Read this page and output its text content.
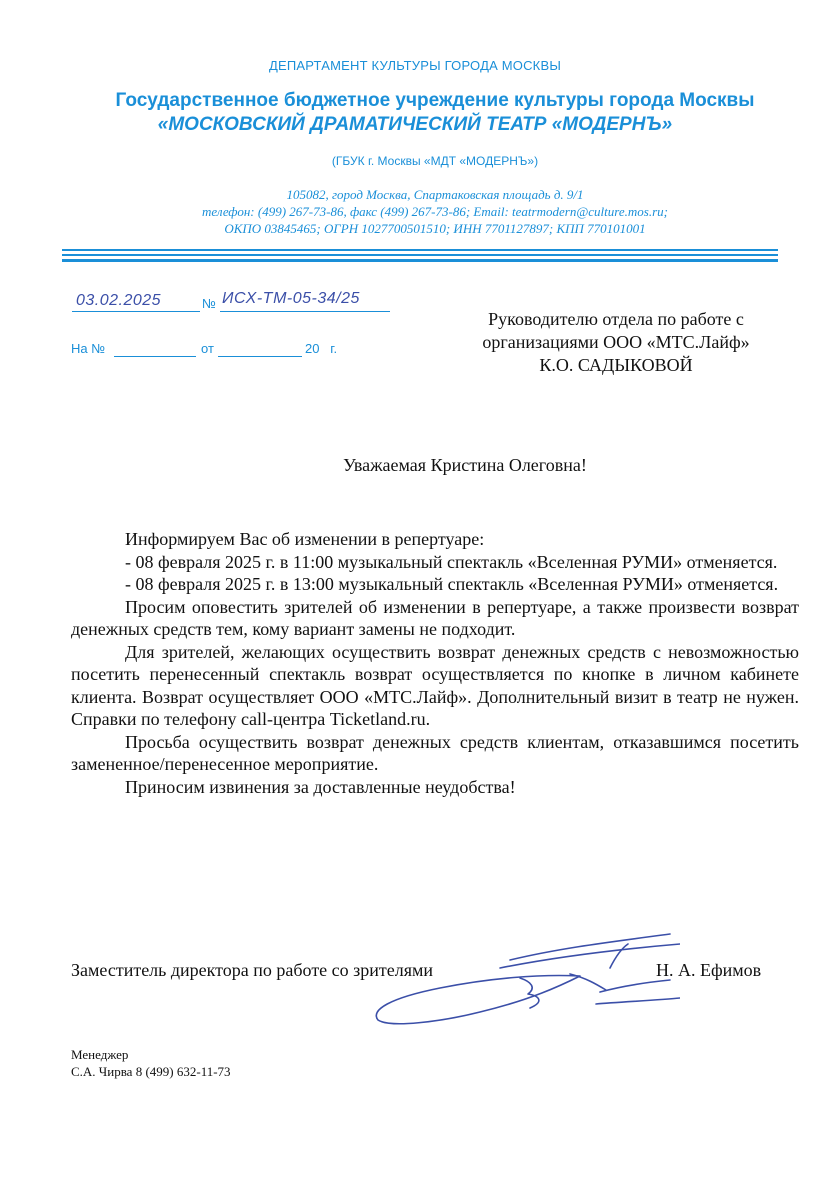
ДЕПАРТАМЕНТ КУЛЬТУРЫ ГОРОДА МОСКВЫ
Государственное бюджетное учреждение культуры города Москвы
«МОСКОВСКИЙ ДРАМАТИЧЕСКИЙ ТЕАТР «МОДЕРНЪ»
(ГБУК г. Москвы «МДТ «МОДЕРНЪ»)
105082, город Москва, Спартаковская площадь д. 9/1
телефон: (499) 267-73-86, факс (499) 267-73-86; Email: teatrmodern@culture.mos.ru;
ОКПО 03845465; ОГРН 1027700501510; ИНН 7701127897; КПП 770101001
03.02.2025	№ ИСХ-ТМ-05-34/25
На №	от	20   г.
Руководителю отдела по работе с
организациями ООО «МТС.Лайф»
К.О. САДЫКОВОЙ
Уважаемая Кристина Олеговна!

Информируем Вас об изменении в репертуаре:

- 08 февраля 2025 г. в 11:00 музыкальный спектакль «Вселенная РУМИ» отменяется.

- 08 февраля 2025 г. в 13:00 музыкальный спектакль «Вселенная РУМИ» отменяется.

Просим оповестить зрителей об изменении в репертуаре, а также произвести возврат денежных средств тем, кому вариант замены не подходит.

Для зрителей, желающих осуществить возврат денежных средств с невозможностью посетить перенесенный спектакль возврат осуществляется по кнопке в личном кабинете клиента. Возврат осуществляет ООО «МТС.Лайф». Дополнительный визит в театр не нужен. Справки по телефону call-центра Ticketland.ru.

Просьба осуществить возврат денежных средств клиентам, отказавшимся посетить замененное/перенесенное мероприятие.

Приносим извинения за доставленные неудобства!

Заместитель директора по работе со зрителями	Н. А. Ефимов
Менеджер
С.А. Чирва 8 (499) 632-11-73
